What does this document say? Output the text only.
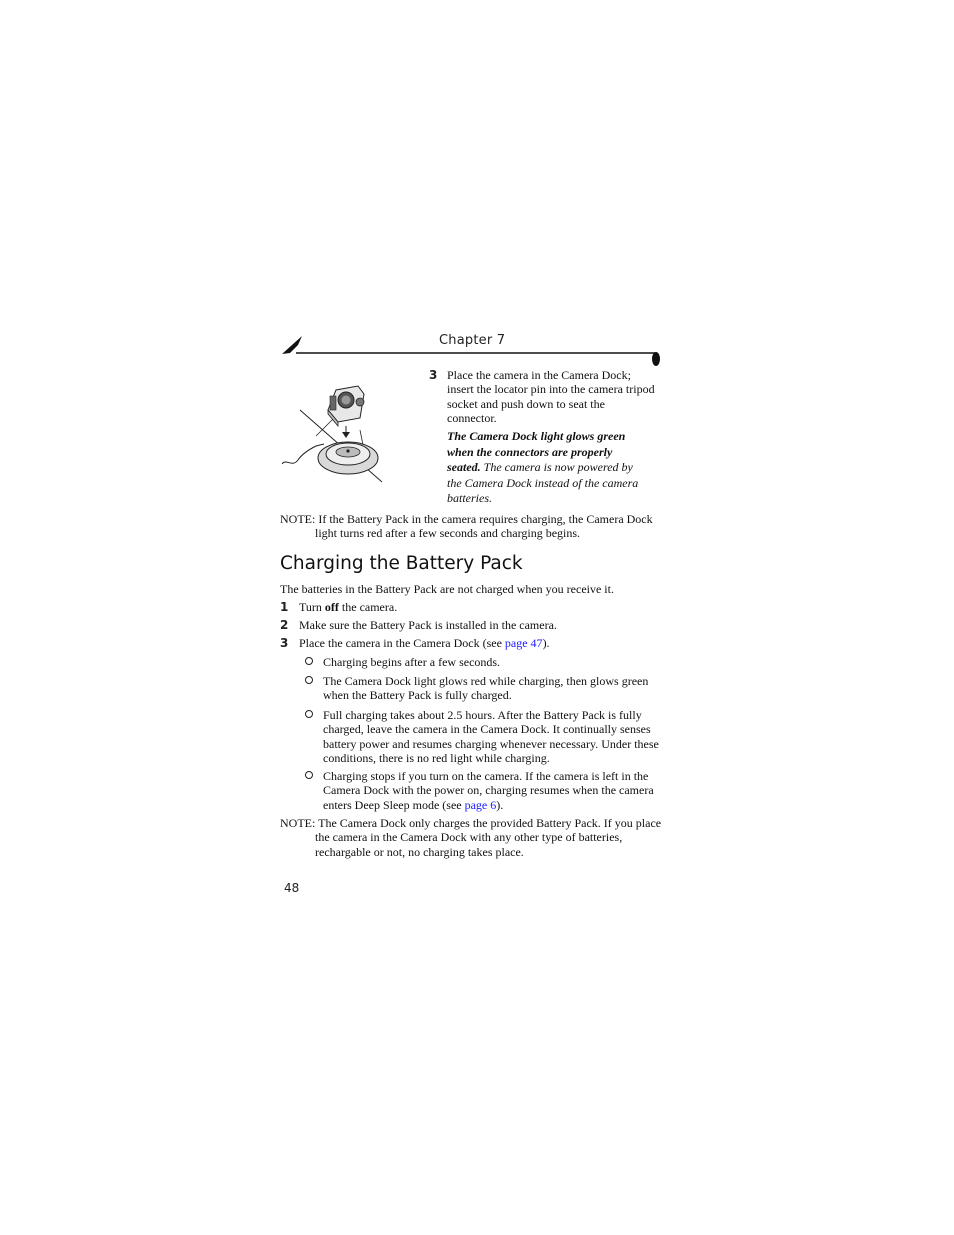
Chapter 7
3 Place the camera in the Camera Dock;
insert the locator pin into the camera tripod
socket and push down to seat the
connector.
The Camera Dock light glows green
when the connectors are properly
seated. The camera is now powered by
the Camera Dock instead of the camera
batteries.
NOTE: If the Battery Pack in the camera requires charging, the Camera Dock
light turns red after a few seconds and charging begins.
Charging the Battery Pack
The batteries in the Battery Pack are not charged when you receive it.
1 Turn off the camera.
2 Make sure the Battery Pack is installed in the camera.
3 Place the camera in the Camera Dock (see page 47).
Charging begins after a few seconds.
The Camera Dock light glows red while charging, then glows green
when the Battery Pack is fully charged.
Full charging takes about 2.5 hours. After the Battery Pack is fully
charged, leave the camera in the Camera Dock. It continually senses
battery power and resumes charging whenever necessary. Under these
conditions, there is no red light while charging.
Charging stops if you turn on the camera. If the camera is left in the
Camera Dock with the power on, charging resumes when the camera
enters Deep Sleep mode (see page 6).
NOTE: The Camera Dock only charges the provided Battery Pack. If you place
the camera in the Camera Dock with any other type of batteries,
rechargable or not, no charging takes place.
48
